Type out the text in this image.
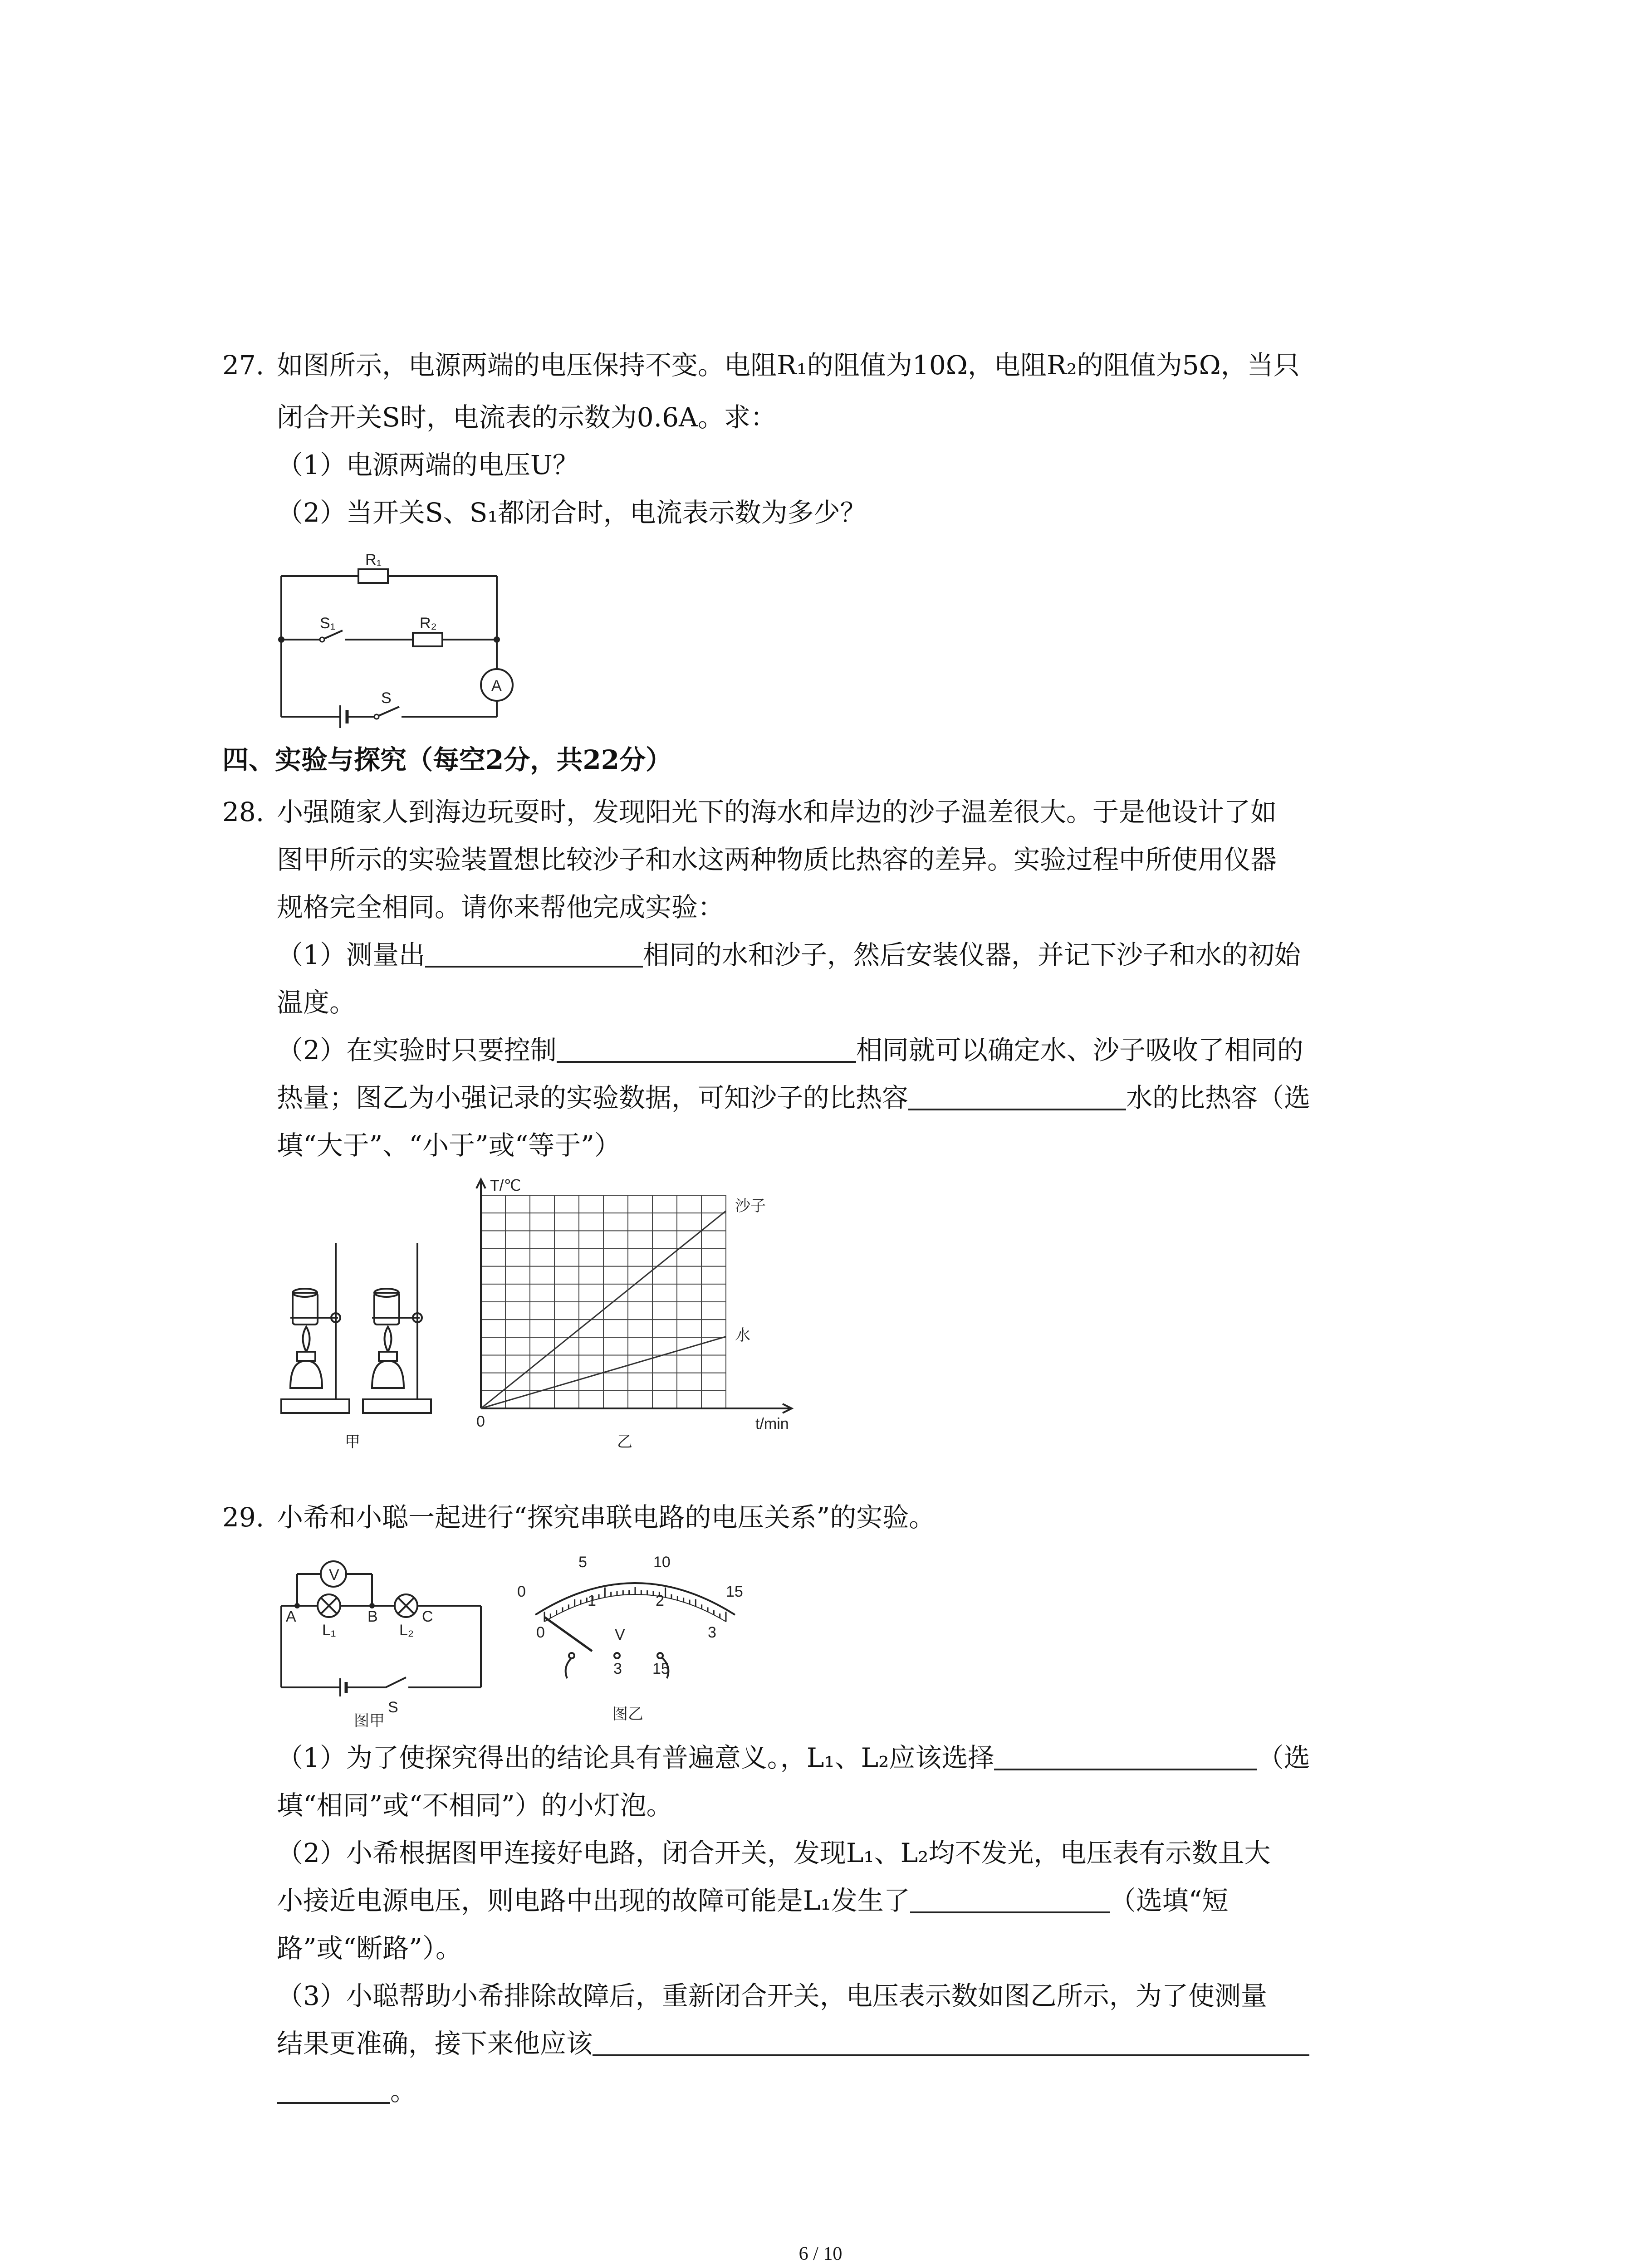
27. 如图所示，电源两端的电压保持不变。电阻R₁的阻值为10Ω，电阻R₂的阻值为5Ω，当只
闭合开关S时，电流表的示数为0.6A。求：
（1）电源两端的电压U？
（2）当开关S、S₁都闭合时，电流表示数为多少？
R₁
R₂
S₁
S
A
四、实验与探究（每空2分，共22分）
28. 小强随家人到海边玩耍时，发现阳光下的海水和岸边的沙子温差很大。于是他设计了如
图甲所示的实验装置想比较沙子和水这两种物质比热容的差异。实验过程中所使用仪器
规格完全相同。请你来帮他完成实验：
（1）测量出	相同的水和沙子，然后安装仪器，并记下沙子和水的初始
温度。
（2）在实验时只要控制	相同就可以确定水、沙子吸收了相同的
热量；图乙为小强记录的实验数据，可知沙子的比热容	水的比热容（选
填“大于”、“小于”或“等于”）
甲
T/℃
t/min
0
沙子
水
乙
29. 小希和小聪一起进行“探究串联电路的电压关系”的实验。
V
A	B	C
L₁	L₂
S
图甲
0
5	10
15
0
1	2
3
V
3 15
图乙
（1）为了使探究得出的结论具有普遍意义。，L₁、L₂应该选择	（选
填“相同”或“不相同”）的小灯泡。
（2）小希根据图甲连接好电路，闭合开关，发现L₁、L₂均不发光，电压表有示数且大
小接近电源电压，则电路中出现的故障可能是L₁发生了	（选填“短
路”或“断路”）。
（3）小聪帮助小希排除故障后，重新闭合开关，电压表示数如图乙所示，为了使测量
结果更准确，接下来他应该
。
6 / 10
